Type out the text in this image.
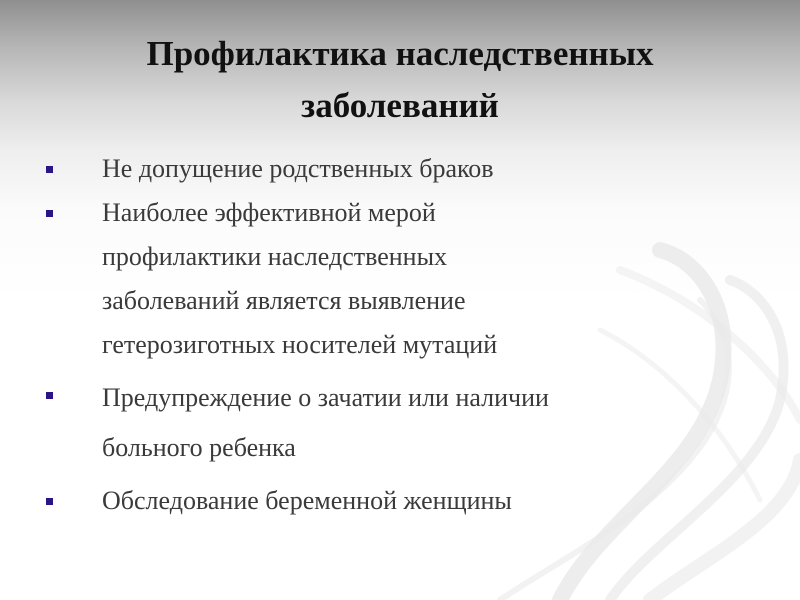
Профилактика наследственных
заболеваний
Не допущение родственных браков
Наиболее эффективной мерой
профилактики наследственных
заболеваний является выявление
гетерозиготных носителей мутаций
Предупреждение о зачатии или наличии
больного ребенка
Обследование беременной женщины
